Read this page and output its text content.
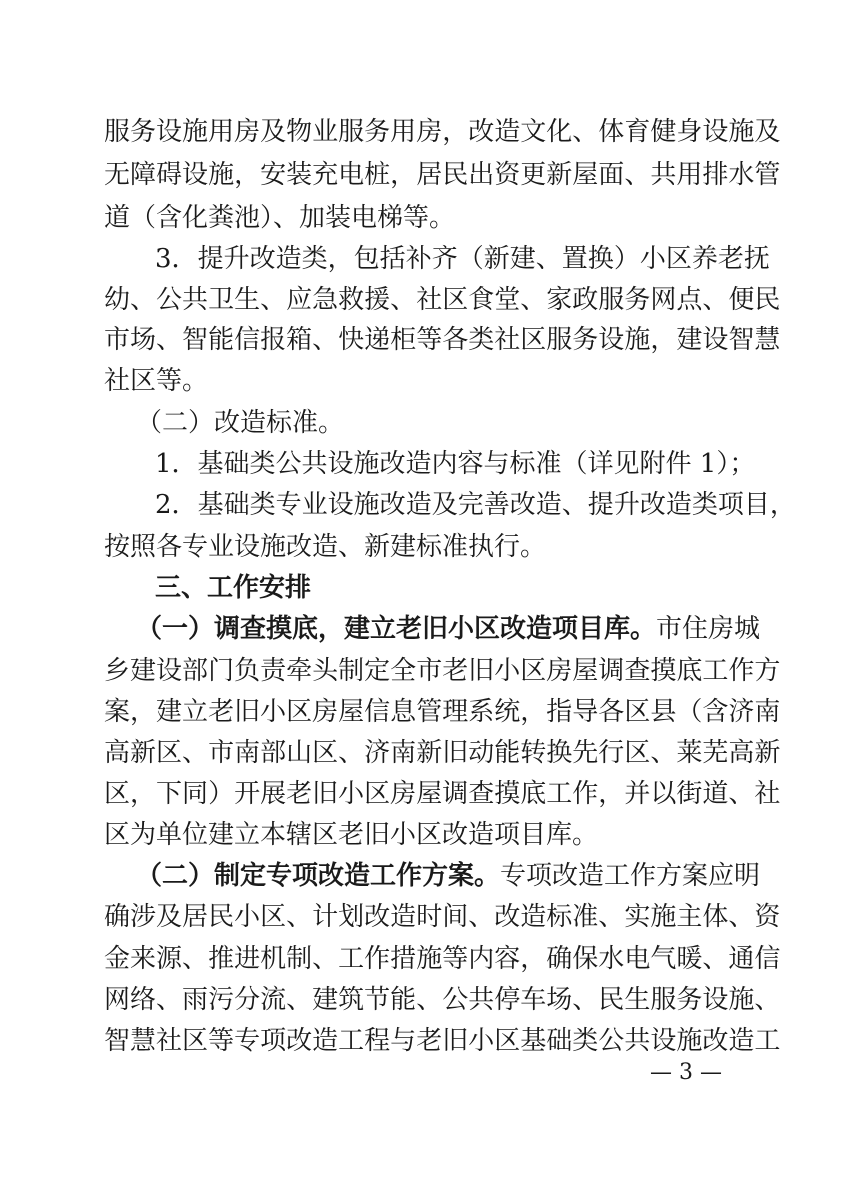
服 务 设 施 用 房 及 物 业 服 务 用 房 ， 改 造 文 化 、 体 育 健 身 设 施 及
无 障 碍 设 施 ， 安 装 充 电 桩 ， 居 民 出 资 更 新 屋 面 、 共 用 排 水 管
道（含化粪池）、加装电梯等。
3 ． 提 升 改 造 类 ， 包 括 补 齐 （ 新 建 、 置 换 ） 小 区 养 老 抚
幼 、 公 共 卫 生 、 应 急 救 援 、 社 区 食 堂 、 家 政 服 务 网 点 、 便 民
市 场 、 智 能 信 报 箱 、 快 递 柜 等 各 类 社 区 服 务 设 施 ， 建 设 智 慧
社区等。
（二）改造标准。
1．基础类公共设施改造内容与标准（详见附件 1）；
2 ． 基 础 类 专 业 设 施 改 造 及 完 善 改 造 、 提 升 改 造 类 项 目 ，
按照各专业设施改造、新建标准执行。
三、工作安排
（一）调查摸底，建立老旧小区改造项目库。 市住房城
乡 建 设 部 门 负 责 牵 头 制 定 全 市 老 旧 小 区 房 屋 调 查 摸 底 工 作 方
案 ， 建 立 老 旧 小 区 房 屋 信 息 管 理 系 统 ， 指 导 各 区 县 （ 含 济 南
高 新 区 、 市 南 部 山 区 、 济 南 新 旧 动 能 转 换 先 行 区 、 莱 芜 高 新
区 ， 下 同 ） 开 展 老 旧 小 区 房 屋 调 查 摸 底 工 作 ， 并 以 街 道 、 社
区为单位建立本辖区老旧小区改造项目库。
（二）制定专项改造工作方案。 专项改造工作方案应明
确 涉 及 居 民 小 区 、 计 划 改 造 时 间 、 改 造 标 准 、 实 施 主 体 、 资
金 来 源 、 推 进 机 制 、 工 作 措 施 等 内 容 ， 确 保 水 电 气 暖 、 通 信
网 络 、 雨 污 分 流 、 建 筑 节 能 、 公 共 停 车 场 、 民 生 服 务 设 施 、
智 慧 社 区 等 专 项 改 造 工 程 与 老 旧 小 区 基 础 类 公 共 设 施 改 造 工
— 3 —
